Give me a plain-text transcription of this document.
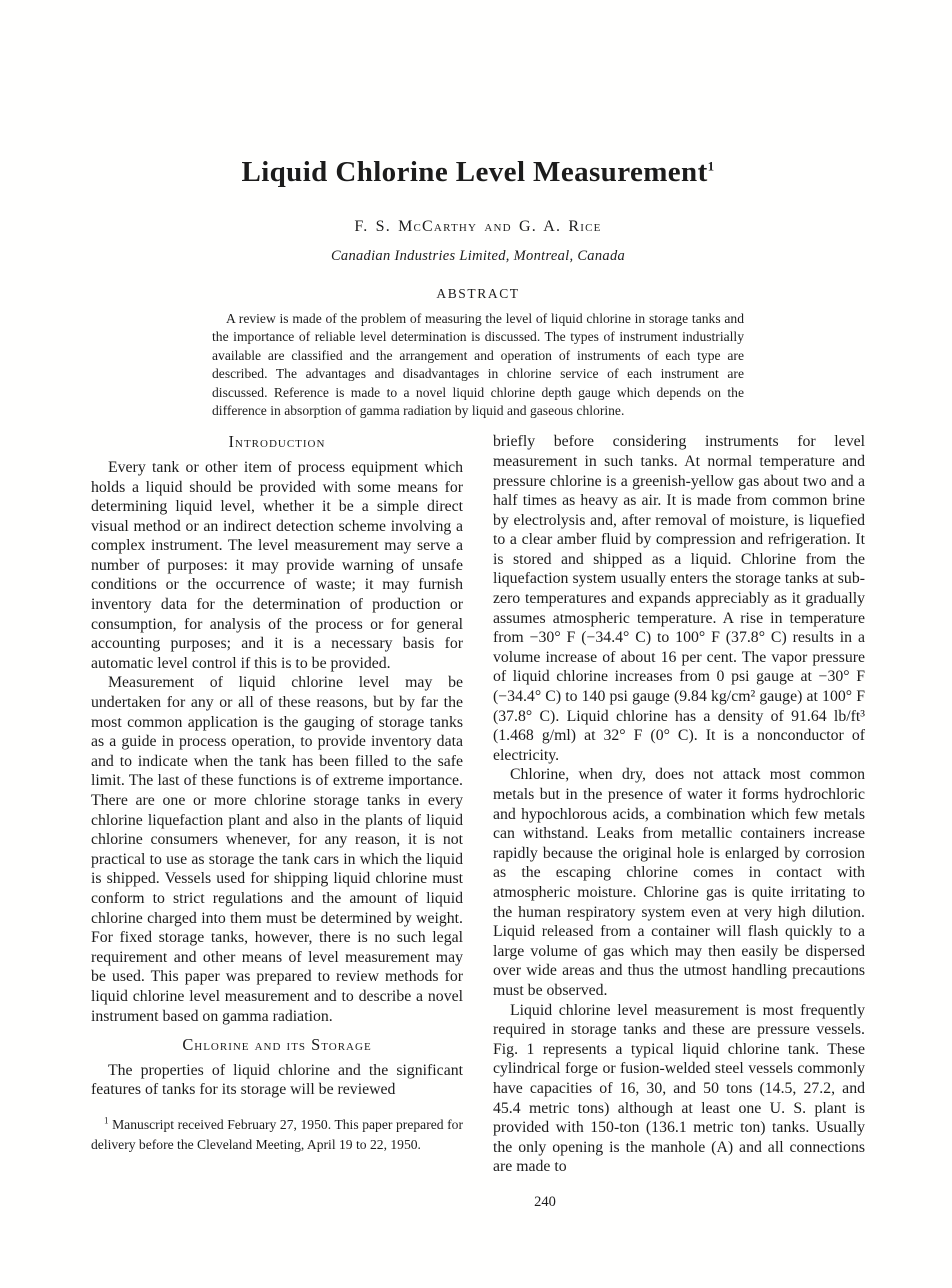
Liquid Chlorine Level Measurement$^1$
F. S. McCarthy and G. A. Rice
Canadian Industries Limited, Montreal, Canada
ABSTRACT

A review is made of the problem of measuring the level of liquid chlorine in storage tanks and the importance of reliable level determination is discussed. The types of instrument industrially available are classified and the arrangement and operation of instruments of each type are described. The advantages and disadvantages in chlorine service of each instrument are discussed. Reference is made to a novel liquid chlorine depth gauge which depends on the difference in absorption of gamma radiation by liquid and gaseous chlorine.

Introduction

Every tank or other item of process equipment which holds a liquid should be provided with some means for determining liquid level, whether it be a simple direct visual method or an indirect detection scheme involving a complex instrument. The level measurement may serve a number of purposes: it may provide warning of unsafe conditions or the occurrence of waste; it may furnish inventory data for the determination of production or consumption, for analysis of the process or for general accounting purposes; and it is a necessary basis for automatic level control if this is to be provided.

Measurement of liquid chlorine level may be undertaken for any or all of these reasons, but by far the most common application is the gauging of storage tanks as a guide in process operation, to provide inventory data and to indicate when the tank has been filled to the safe limit. The last of these functions is of extreme importance. There are one or more chlorine storage tanks in every chlorine liquefaction plant and also in the plants of liquid chlorine consumers whenever, for any reason, it is not practical to use as storage the tank cars in which the liquid is shipped. Vessels used for shipping liquid chlorine must conform to strict regulations and the amount of liquid chlorine charged into them must be determined by weight. For fixed storage tanks, however, there is no such legal requirement and other means of level measurement may be used. This paper was prepared to review methods for liquid chlorine level measurement and to describe a novel instrument based on gamma radiation.

Chlorine and its Storage

The properties of liquid chlorine and the significant features of tanks for its storage will be reviewed

$^1$ Manuscript received February 27, 1950. This paper prepared for delivery before the Cleveland Meeting, April 19 to 22, 1950.

briefly before considering instruments for level measurement in such tanks. At normal temperature and pressure chlorine is a greenish-yellow gas about two and a half times as heavy as air. It is made from common brine by electrolysis and, after removal of moisture, is liquefied to a clear amber fluid by compression and refrigeration. It is stored and shipped as a liquid. Chlorine from the liquefaction system usually enters the storage tanks at sub-zero temperatures and expands appreciably as it gradually assumes atmospheric temperature. A rise in temperature from −30° F (−34.4° C) to 100° F (37.8° C) results in a volume increase of about 16 per cent. The vapor pressure of liquid chlorine increases from 0 psi gauge at −30° F (−34.4° C) to 140 psi gauge (9.84 kg/cm² gauge) at 100° F (37.8° C). Liquid chlorine has a density of 91.64 lb/ft³ (1.468 g/ml) at 32° F (0° C). It is a nonconductor of electricity.

Chlorine, when dry, does not attack most common metals but in the presence of water it forms hydrochloric and hypochlorous acids, a combination which few metals can withstand. Leaks from metallic containers increase rapidly because the original hole is enlarged by corrosion as the escaping chlorine comes in contact with atmospheric moisture. Chlorine gas is quite irritating to the human respiratory system even at very high dilution. Liquid released from a container will flash quickly to a large volume of gas which may then easily be dispersed over wide areas and thus the utmost handling precautions must be observed.

Liquid chlorine level measurement is most frequently required in storage tanks and these are pressure vessels. Fig. 1 represents a typical liquid chlorine tank. These cylindrical forge or fusion-welded steel vessels commonly have capacities of 16, 30, and 50 tons (14.5, 27.2, and 45.4 metric tons) although at least one U. S. plant is provided with 150-ton (136.1 metric ton) tanks. Usually the only opening is the manhole (A) and all connections are made to

240
